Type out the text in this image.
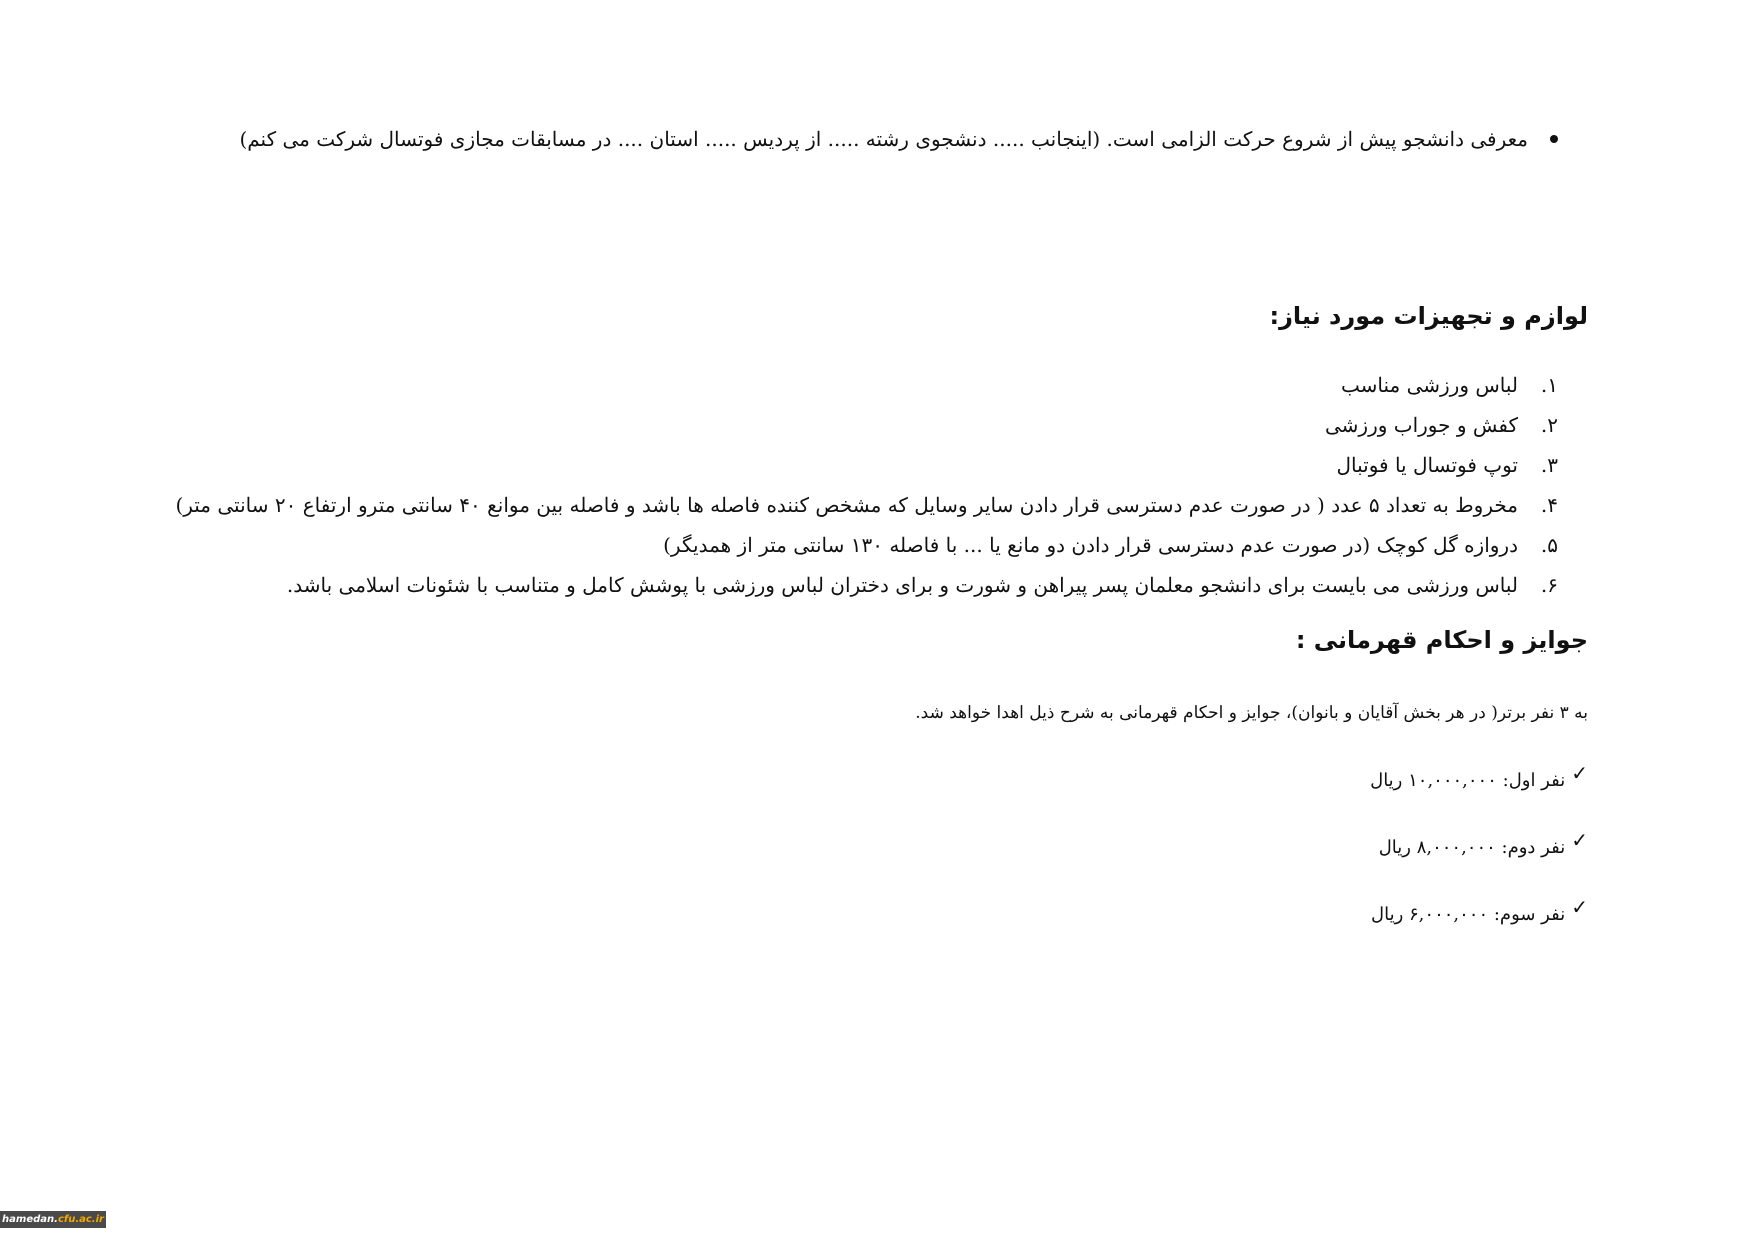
معرفی دانشجو پیش از شروع حرکت الزامی است. (اینجانب ..... دنشجوی رشته ..... از پردیس ..... استان .... در مسابقات مجازی فوتسال شرکت می کنم)
لوازم و تجهیزات مورد نیاز:
۱.لباس ورزشی مناسب
۲.کفش و جوراب ورزشی
۳.توپ فوتسال یا فوتبال
۴.مخروط به تعداد ۵ عدد ( در صورت عدم دسترسی قرار دادن سایر وسایل که مشخص کننده فاصله ها باشد و فاصله بین موانع ۴۰ سانتی مترو ارتفاع ۲۰ سانتی متر)
۵.دروازه گل کوچک (در صورت عدم دسترسی قرار دادن دو مانع یا ... با فاصله ۱۳۰ سانتی متر از همدیگر)
۶.لباس ورزشی می بایست برای دانشجو معلمان پسر پیراهن و شورت و برای دختران لباس ورزشی با پوشش کامل و متناسب با شئونات اسلامی باشد.
جوایز و احکام قهرمانی :
به ۳ نفر برتر( در هر بخش آقایان و بانوان)، جوایز و احکام قهرمانی به شرح ذیل اهدا خواهد شد.
✓نفر اول: ۱۰,۰۰۰,۰۰۰ ریال
✓نفر دوم: ۸,۰۰۰,۰۰۰ ریال
✓نفر سوم: ۶,۰۰۰,۰۰۰ ریال
hamedan.cfu.ac.ir
